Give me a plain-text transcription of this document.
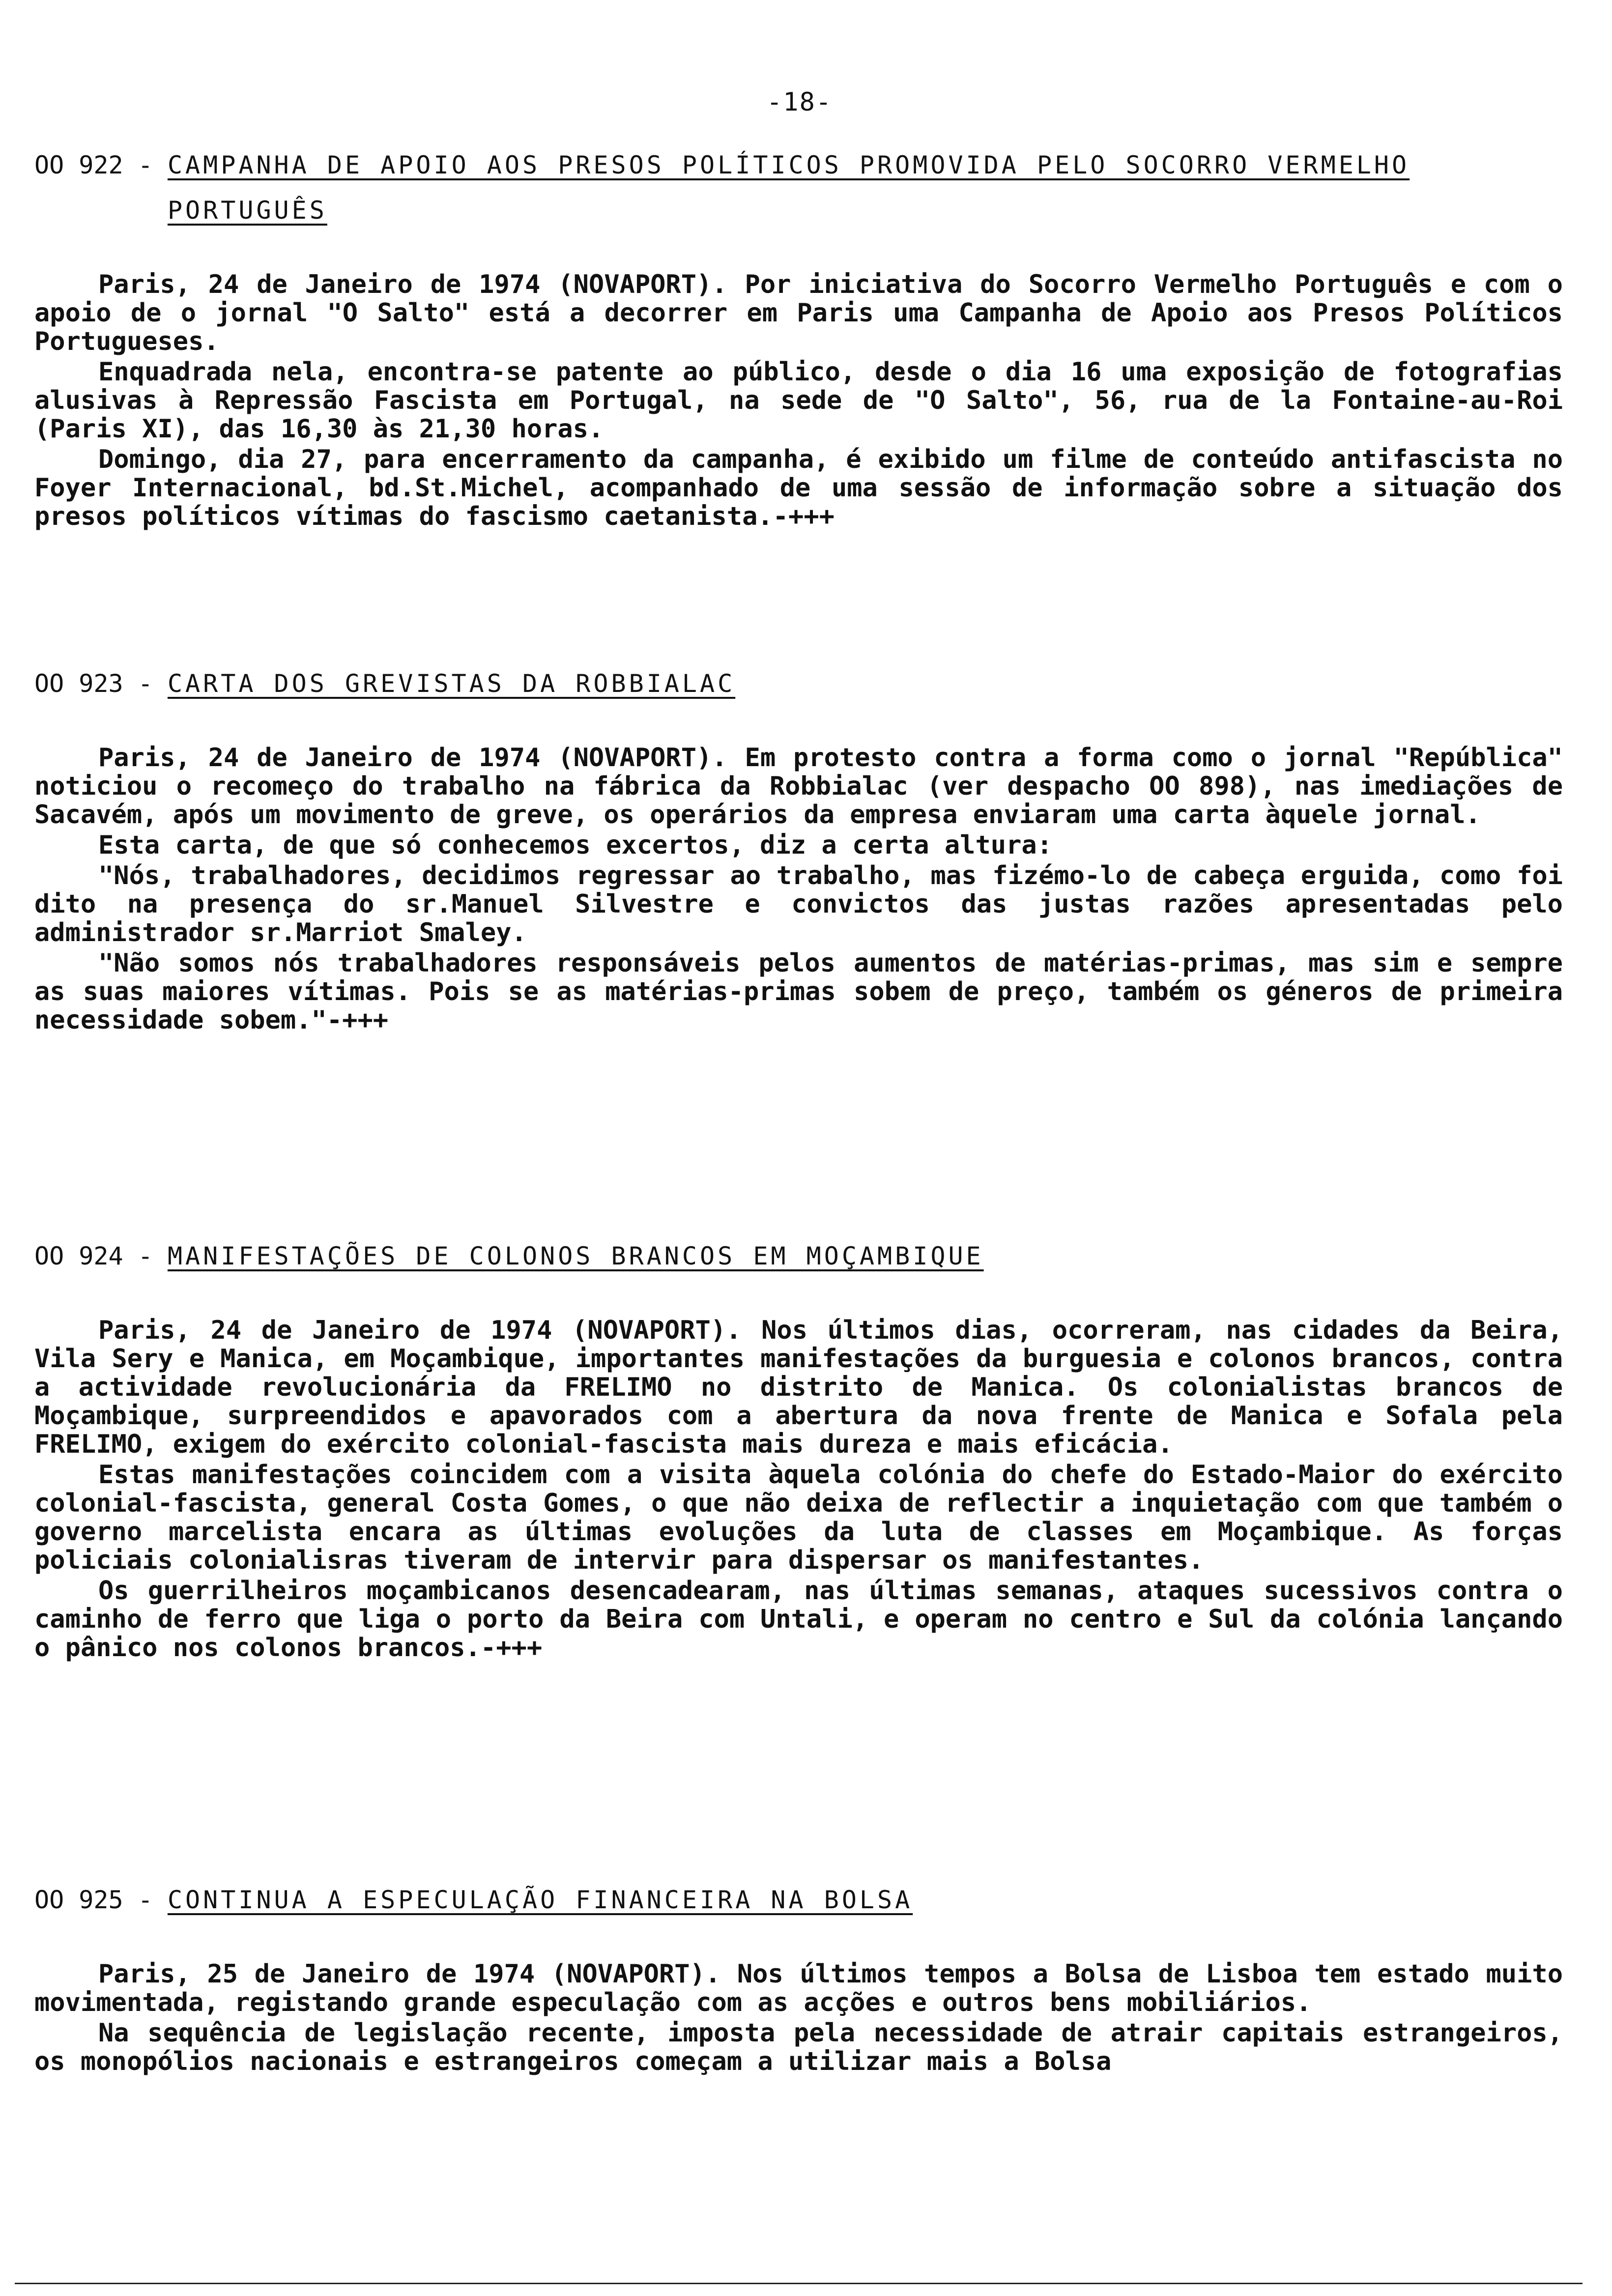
-18-
OO 922 - CAMPANHA DE APOIO AOS PRESOS POLÍTICOS PROMOVIDA PELO SOCORRO VERMELHO PORTUGUÊS

Paris, 24 de Janeiro de 1974 (NOVAPORT). Por iniciativa do Socorro Vermelho Português e com o apoio de o jornal "O Salto" está a decorrer em Paris uma Campanha de Apoio aos Presos Políticos Portugueses.

Enquadrada nela, encontra-se patente ao público, desde o dia 16 uma exposição de fotografias alusivas à Repressão Fascista em Portugal, na sede de "O Salto", 56, rua de la Fontaine-au-Roi (Paris XI), das 16,30 às 21,30 horas.

Domingo, dia 27, para encerramento da campanha, é exibido um filme de conteúdo antifascista no Foyer Internacional, bd.St.Michel, acompanhado de uma sessão de informação sobre a situação dos presos políticos vítimas do fascismo caetanista.-+++

OO 923 - CARTA DOS GREVISTAS DA ROBBIALAC

Paris, 24 de Janeiro de 1974 (NOVAPORT). Em protesto contra a forma como o jornal "República" noticiou o recomeço do trabalho na fábrica da Robbialac (ver despacho OO 898), nas imediações de Sacavém, após um movimento de greve, os operários da empresa enviaram uma carta àquele jornal.

Esta carta, de que só conhecemos excertos, diz a certa altura:

"Nós, trabalhadores, decidimos regressar ao trabalho, mas fizémo-lo de cabeça erguida, como foi dito na presença do sr.Manuel Silvestre e convictos das justas razões apresentadas pelo administrador sr.Marriot Smaley.

"Não somos nós trabalhadores responsáveis pelos aumentos de matérias-primas, mas sim e sempre as suas maiores vítimas. Pois se as matérias-primas sobem de preço, também os géneros de primeira necessidade sobem."-+++

OO 924 - MANIFESTAÇÕES DE COLONOS BRANCOS EM MOÇAMBIQUE

Paris, 24 de Janeiro de 1974 (NOVAPORT). Nos últimos dias, ocorreram, nas cidades da Beira, Vila Sery e Manica, em Moçambique, importantes manifestações da burguesia e colonos brancos, contra a actividade revolucionária da FRELIMO no distrito de Manica. Os colonialistas brancos de Moçambique, surpreendidos e apavorados com a abertura da nova frente de Manica e Sofala pela FRELIMO, exigem do exército colonial-fascista mais dureza e mais eficácia.

Estas manifestações coincidem com a visita àquela colónia do chefe do Estado-Maior do exército colonial-fascista, general Costa Gomes, o que não deixa de reflectir a inquietação com que também o governo marcelista encara as últimas evoluções da luta de classes em Moçambique. As forças policiais colonialisras tiveram de intervir para dispersar os manifestantes.

Os guerrilheiros moçambicanos desencadearam, nas últimas semanas, ataques sucessivos contra o caminho de ferro que liga o porto da Beira com Untali, e operam no centro e Sul da colónia lançando o pânico nos colonos brancos.-+++

OO 925 - CONTINUA A ESPECULAÇÃO FINANCEIRA NA BOLSA

Paris, 25 de Janeiro de 1974 (NOVAPORT). Nos últimos tempos a Bolsa de Lisboa tem estado muito movimentada, registando grande especulação com as acções e outros bens mobiliários.

Na sequência de legislação recente, imposta pela necessidade de atrair capitais estrangeiros, os monopólios nacionais e estrangeiros começam a utilizar mais a Bolsa
